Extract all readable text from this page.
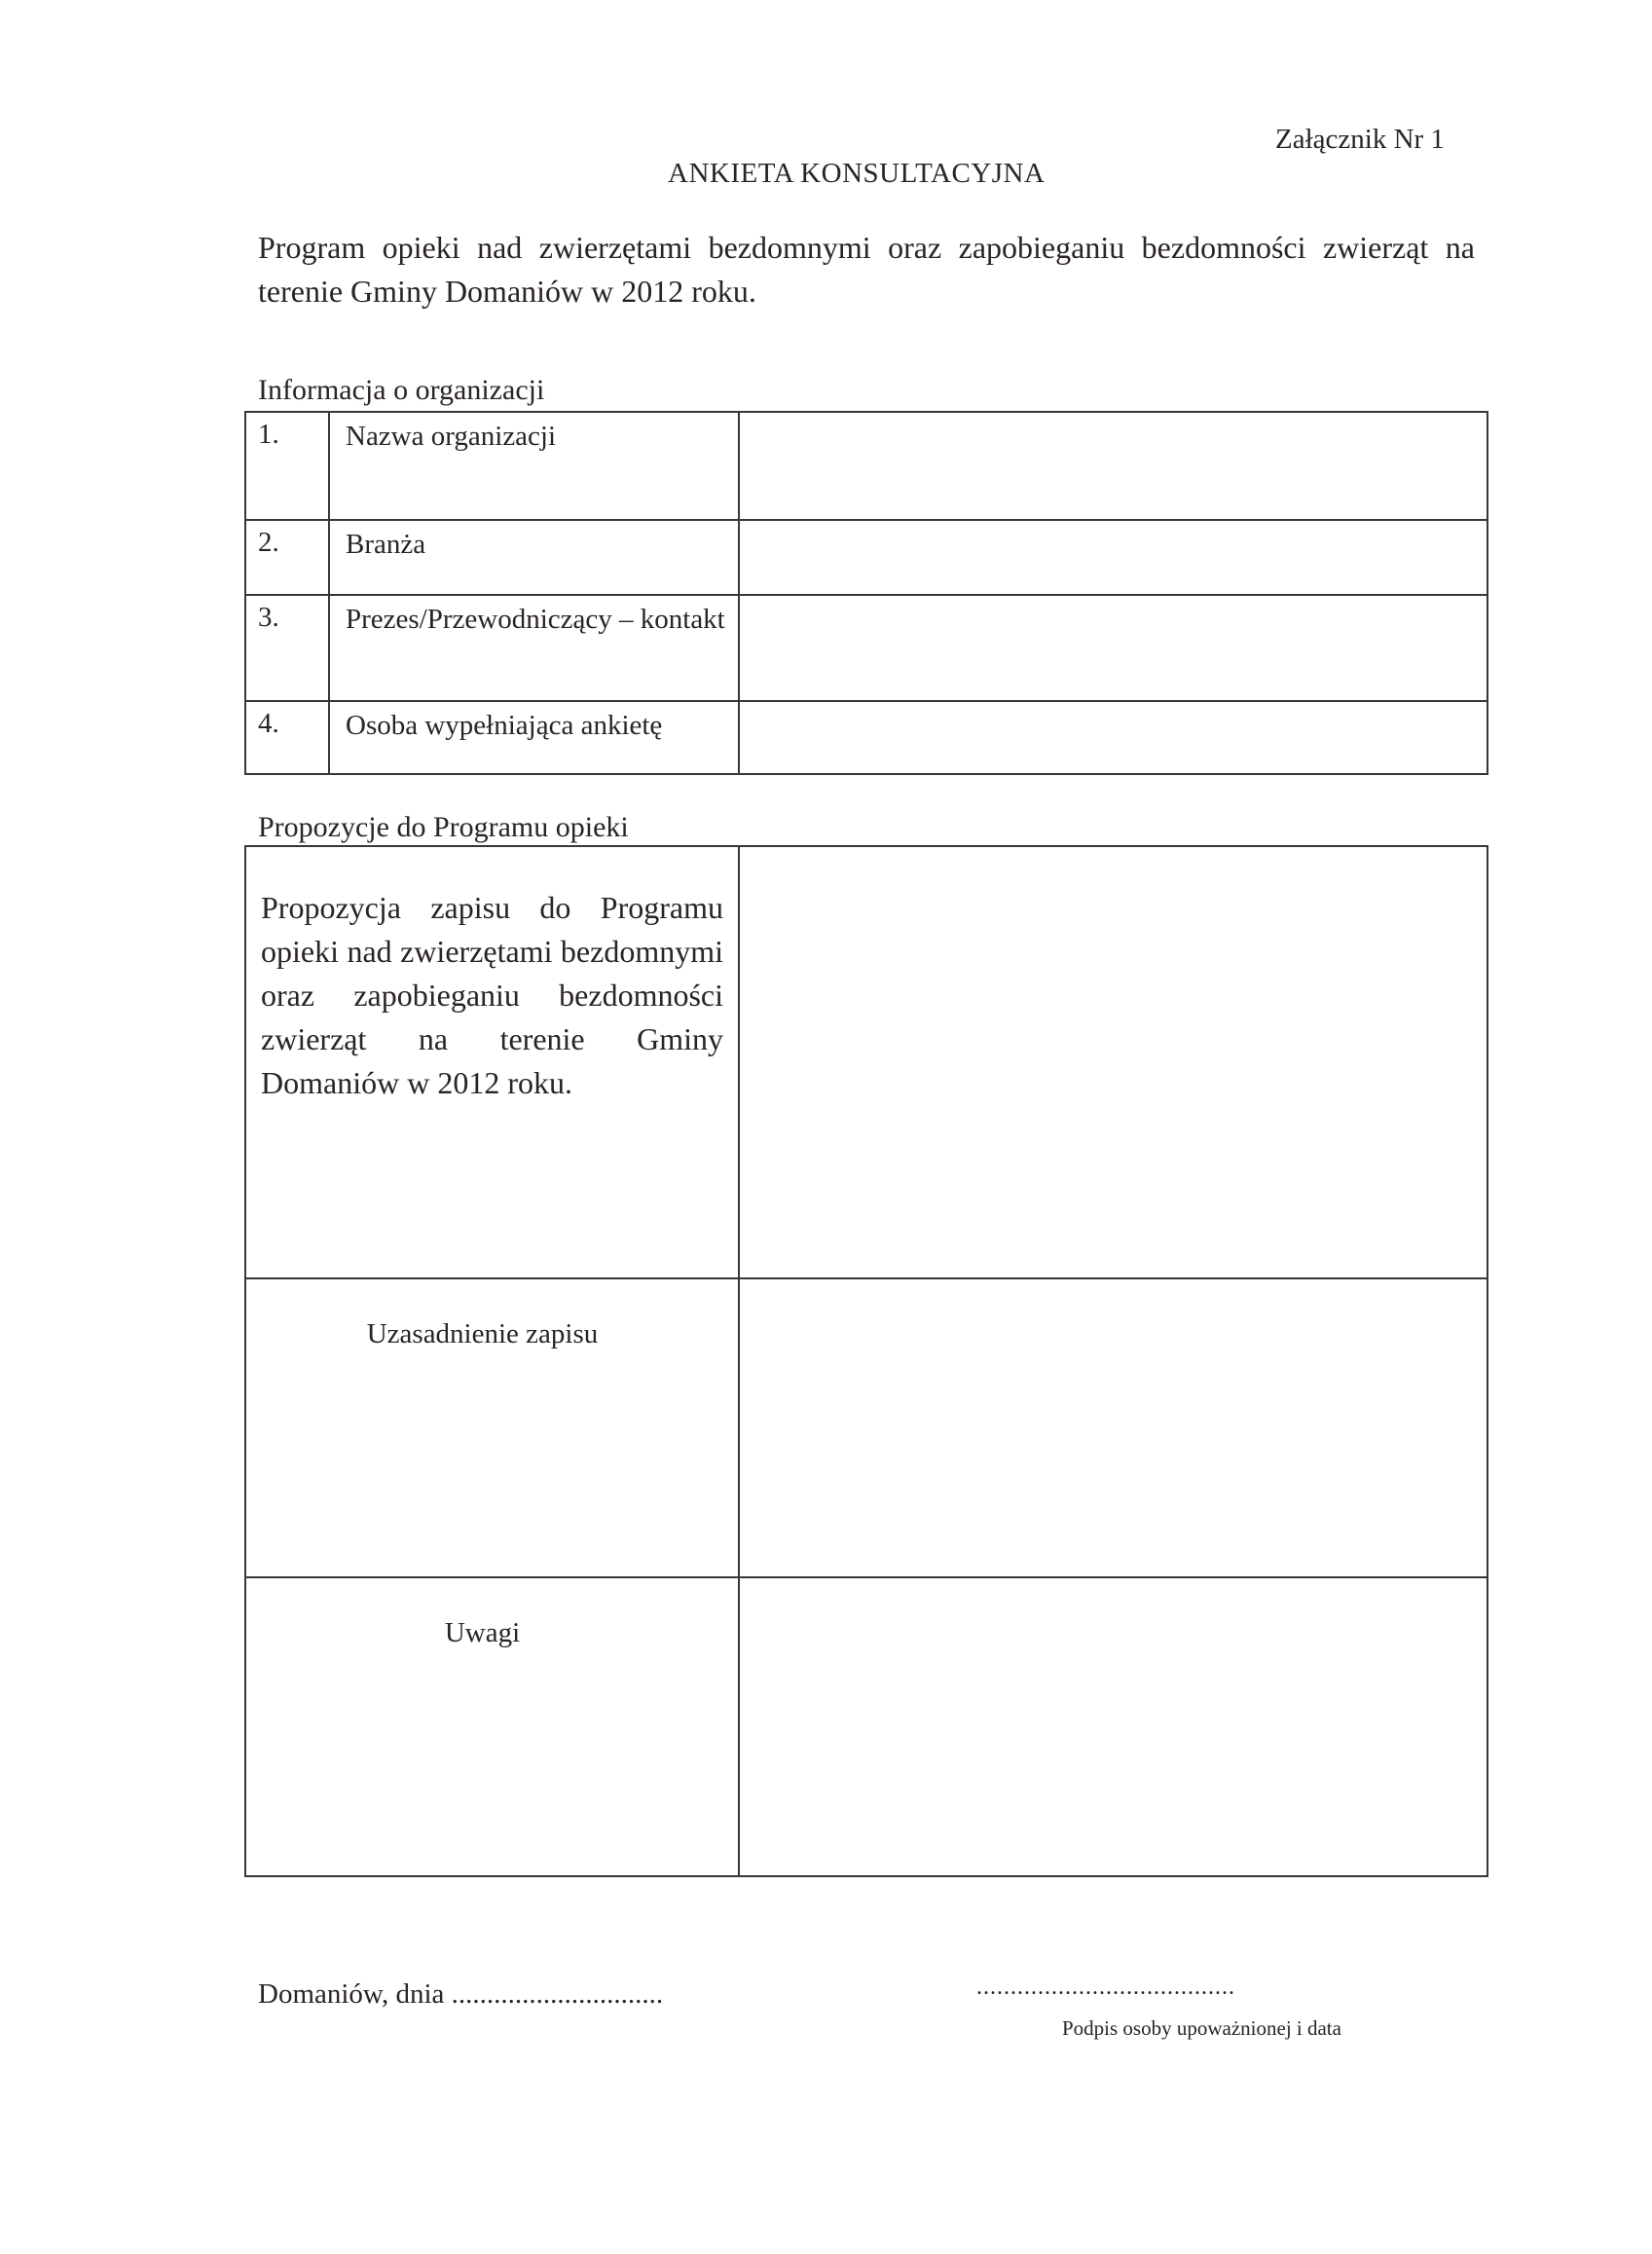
Załącznik Nr 1
ANKIETA KONSULTACYJNA
Program opieki nad zwierzętami bezdomnymi oraz zapobieganiu bezdomności zwierząt na terenie Gminy Domaniów w 2012 roku.
Informacja o organizacji
1.	Nazwa organizacji	
2.	Branża	
3.	Prezes/Przewodniczący – kontakt	
4.	Osoba wypełniająca ankietę	
Propozycje do Programu opieki
Propozycja zapisu do Programu opieki nad zwierzętami bezdomnymi oraz zapobieganiu bezdomności zwierząt na terenie Gminy Domaniów w 2012 roku.	

Uzasadnienie zapisu	
Uwagi	
Domaniów, dnia ..............................	......................................
Podpis osoby upoważnionej i data
